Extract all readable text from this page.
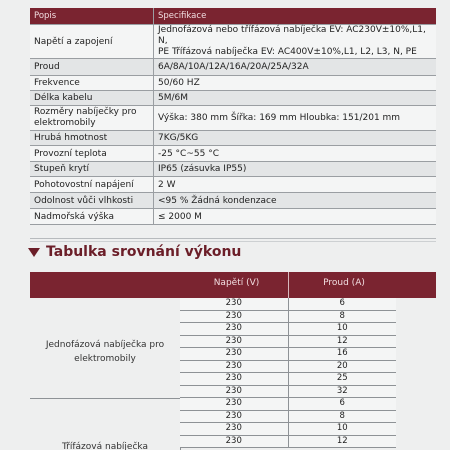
Popis	Specifikace
Napětí a zapojení	Jednofázová nebo třífázová nabíječka EV: AC230V±10%,L1, N,
PE Třífázová nabíječka EV: AC400V±10%,L1, L2, L3, N, PE

Proud	6A/8A/10A/12A/16A/20A/25A/32A
Frekvence	50/60 HZ
Délka kabelu	5M/6M
Rozměry nabíječky pro elektromobily	Výška: 380 mm Šířka: 169 mm Hloubka: 151/201 mm
Hrubá hmotnost	7KG/5KG
Provozní teplota	-25 °C~55 °C
Stupeň krytí	IP65 (zásuvka IP55)
Pohotovostní napájení	2 W
Odolnost vůči vlhkosti	<95 % Žádná kondenzace
Nadmořská výška	≤ 2000 M
Tabulka srovnání výkonu
Napětí (V)	Proud (A)
Jednofázová nabíječka pro elektromobily
230	6
230	8
230	10
230	12
230	16
230	20
230	25
230	32
Třífázová nabíječka
230	6
230	8
230	10
230	12
